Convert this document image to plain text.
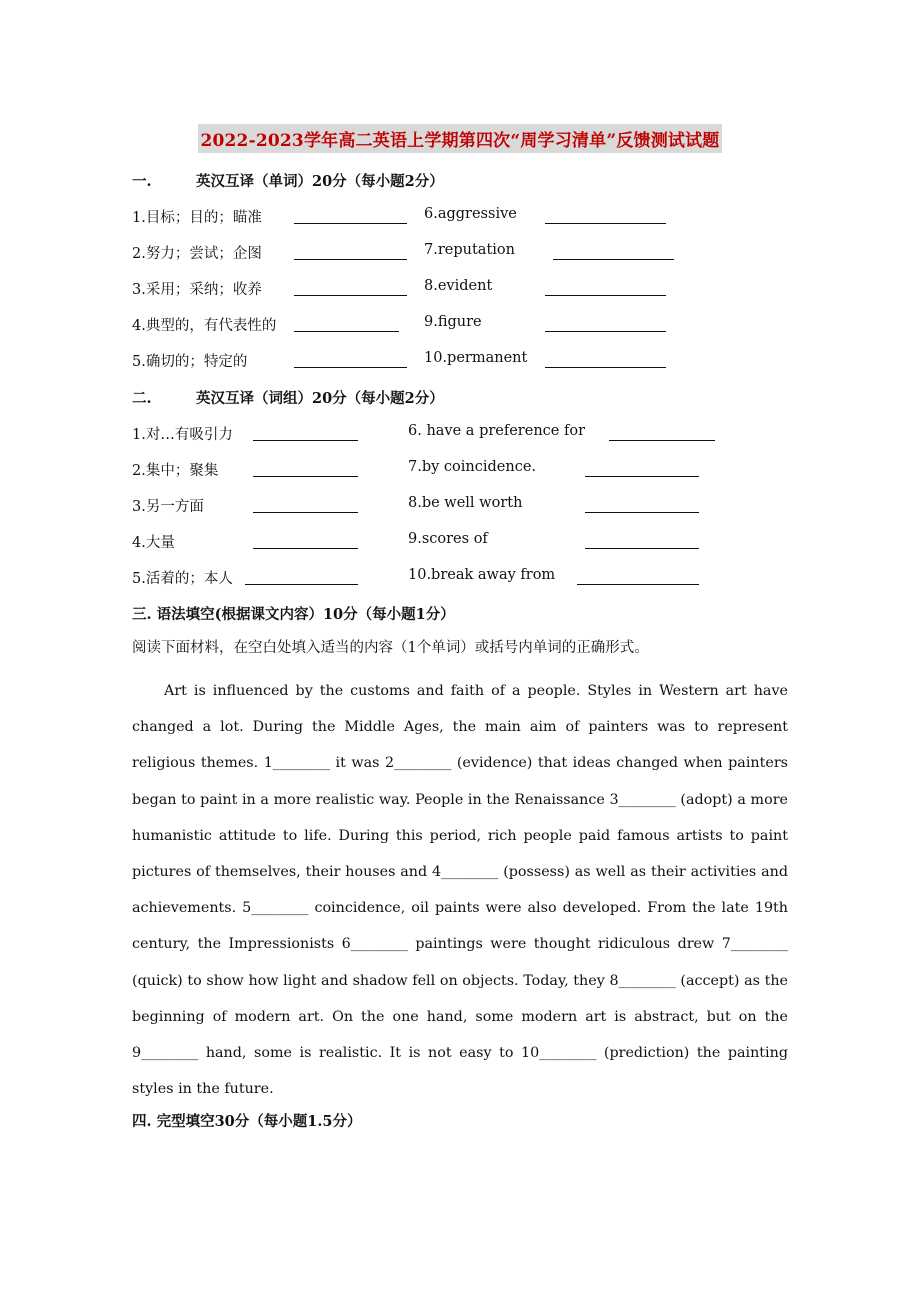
2022-2023学年高二英语上学期第四次“周学习清单”反馈测试试题
一.	英汉互译（单词）20分（每小题2分）
1.目标；目的；瞄准	6.aggressive
2.努力；尝试；企图	7.reputation
3.采用；采纳；收养	8.evident
4.典型的，有代表性的	9.figure
5.确切的；特定的	10.permanent
二.	英汉互译（词组）20分（每小题2分）
1.对…有吸引力	6. have a preference for
2.集中；聚集	7.by coincidence.
3.另一方面	8.be well worth
4.大量	9.scores of
5.活着的；本人	10.break away from
三. 语法填空(根据课文内容）10分（每小题1分）
阅读下面材料，在空白处填入适当的内容（1个单词）或括号内单词的正确形式。

Art is influenced by the customs and faith of a people. Styles in Western art have changed a lot. During the Middle Ages, the main aim of painters was to represent religious themes. 1________ it was 2________ (evidence) that ideas changed when painters began to paint in a more realistic way. People in the Renaissance 3________ (adopt) a more humanistic attitude to life. During this period, rich people paid famous artists to paint pictures of themselves, their houses and 4________ (possess) as well as their activities and achievements. 5________ coincidence, oil paints were also developed. From the late 19th century, the Impressionists 6________ paintings were thought ridiculous drew 7________ (quick) to show how light and shadow fell on objects. Today, they 8________ (accept) as the beginning of modern art. On the one hand, some modern art is abstract, but on the 9________ hand, some is realistic. It is not easy to 10________ (prediction) the painting styles in the future.

四. 完型填空30分（每小题1.5分）
